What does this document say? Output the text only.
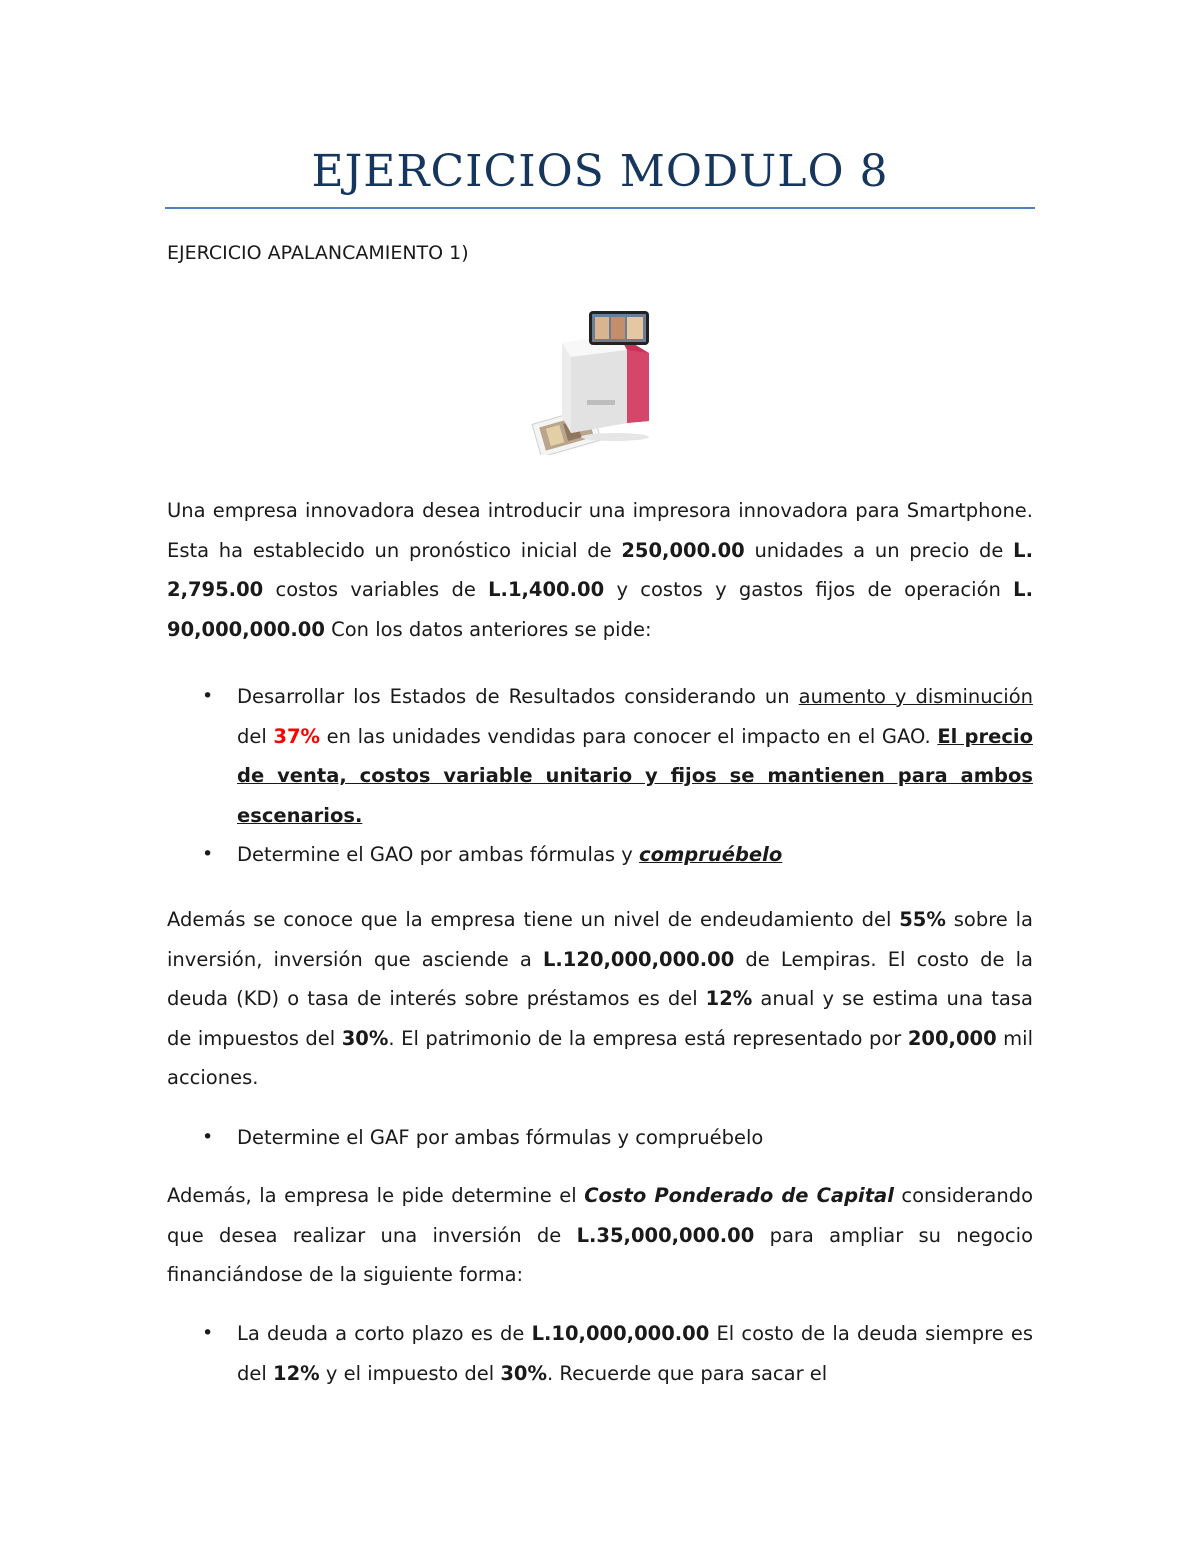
EJERCICIOS MODULO 8
EJERCICIO APALANCAMIENTO 1)

Una empresa innovadora desea introducir una impresora innovadora para Smartphone. Esta ha establecido un pronóstico inicial de 250,000.00 unidades a un precio de L. 2,795.00 costos variables de L.1,400.00 y costos y gastos fijos de operación L. 90,000,000.00 Con los datos anteriores se pide:

• Desarrollar los Estados de Resultados considerando un aumento y disminución del 37% en las unidades vendidas para conocer el impacto en el GAO. El precio de venta, costos variable unitario y fijos se mantienen para ambos escenarios.
• Determine el GAO por ambas fórmulas y compruébelo

Además se conoce que la empresa tiene un nivel de endeudamiento del 55% sobre la inversión, inversión que asciende a L.120,000,000.00 de Lempiras. El costo de la deuda (KD) o tasa de interés sobre préstamos es del 12% anual y se estima una tasa de impuestos del 30%. El patrimonio de la empresa está representado por 200,000 mil acciones.

• Determine el GAF por ambas fórmulas y compruébelo

Además, la empresa le pide determine el Costo Ponderado de Capital considerando que desea realizar una inversión de L.35,000,000.00 para ampliar su negocio financiándose de la siguiente forma:

• La deuda a corto plazo es de L.10,000,000.00 El costo de la deuda siempre es del 12% y el impuesto del 30%. Recuerde que para sacar el
